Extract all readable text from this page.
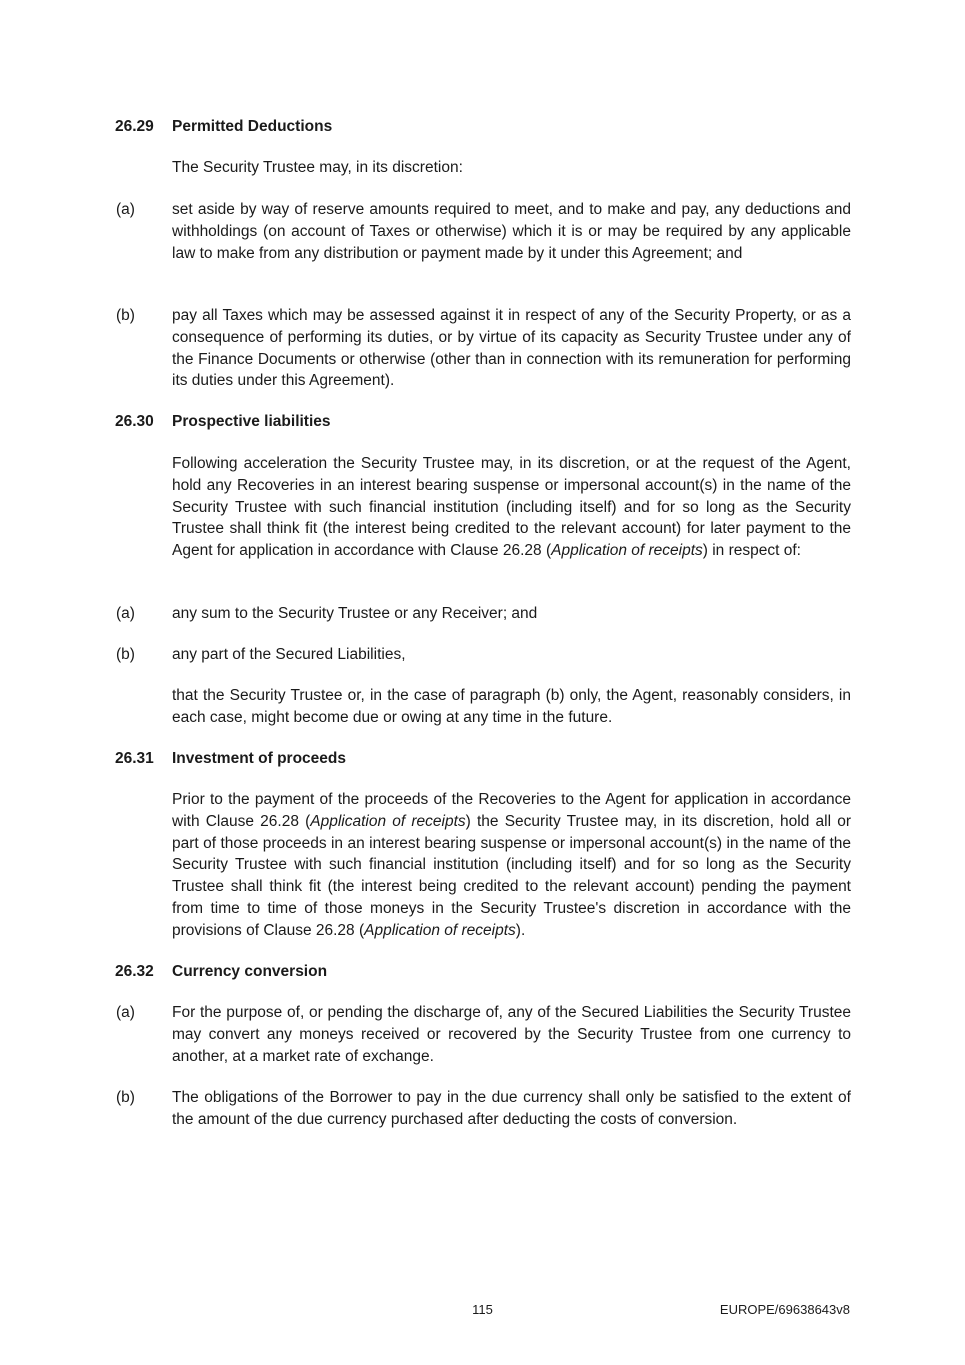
26.29	Permitted Deductions
The Security Trustee may, in its discretion:
(a)	set aside by way of reserve amounts required to meet, and to make and pay, any deductions and withholdings (on account of Taxes or otherwise) which it is or may be required by any applicable law to make from any distribution or payment made by it under this Agreement; and
(b)	pay all Taxes which may be assessed against it in respect of any of the Security Property, or as a consequence of performing its duties, or by virtue of its capacity as Security Trustee under any of the Finance Documents or otherwise (other than in connection with its remuneration for performing its duties under this Agreement).
26.30	Prospective liabilities
Following acceleration the Security Trustee may, in its discretion, or at the request of the Agent, hold any Recoveries in an interest bearing suspense or impersonal account(s) in the name of the Security Trustee with such financial institution (including itself) and for so long as the Security Trustee shall think fit (the interest being credited to the relevant account) for later payment to the Agent for application in accordance with Clause 26.28 (Application of receipts) in respect of:
(a)	any sum to the Security Trustee or any Receiver; and
(b)	any part of the Secured Liabilities,
that the Security Trustee or, in the case of paragraph (b) only, the Agent, reasonably considers, in each case, might become due or owing at any time in the future.
26.31	Investment of proceeds
Prior to the payment of the proceeds of the Recoveries to the Agent for application in accordance with Clause 26.28 (Application of receipts) the Security Trustee may, in its discretion, hold all or part of those proceeds in an interest bearing suspense or impersonal account(s) in the name of the Security Trustee with such financial institution (including itself) and for so long as the Security Trustee shall think fit (the interest being credited to the relevant account) pending the payment from time to time of those moneys in the Security Trustee's discretion in accordance with the provisions of Clause 26.28 (Application of receipts).
26.32	Currency conversion
(a)	For the purpose of, or pending the discharge of, any of the Secured Liabilities the Security Trustee may convert any moneys received or recovered by the Security Trustee from one currency to another, at a market rate of exchange.
(b)	The obligations of the Borrower to pay in the due currency shall only be satisfied to the extent of the amount of the due currency purchased after deducting the costs of conversion.
115	EUROPE/69638643v8
